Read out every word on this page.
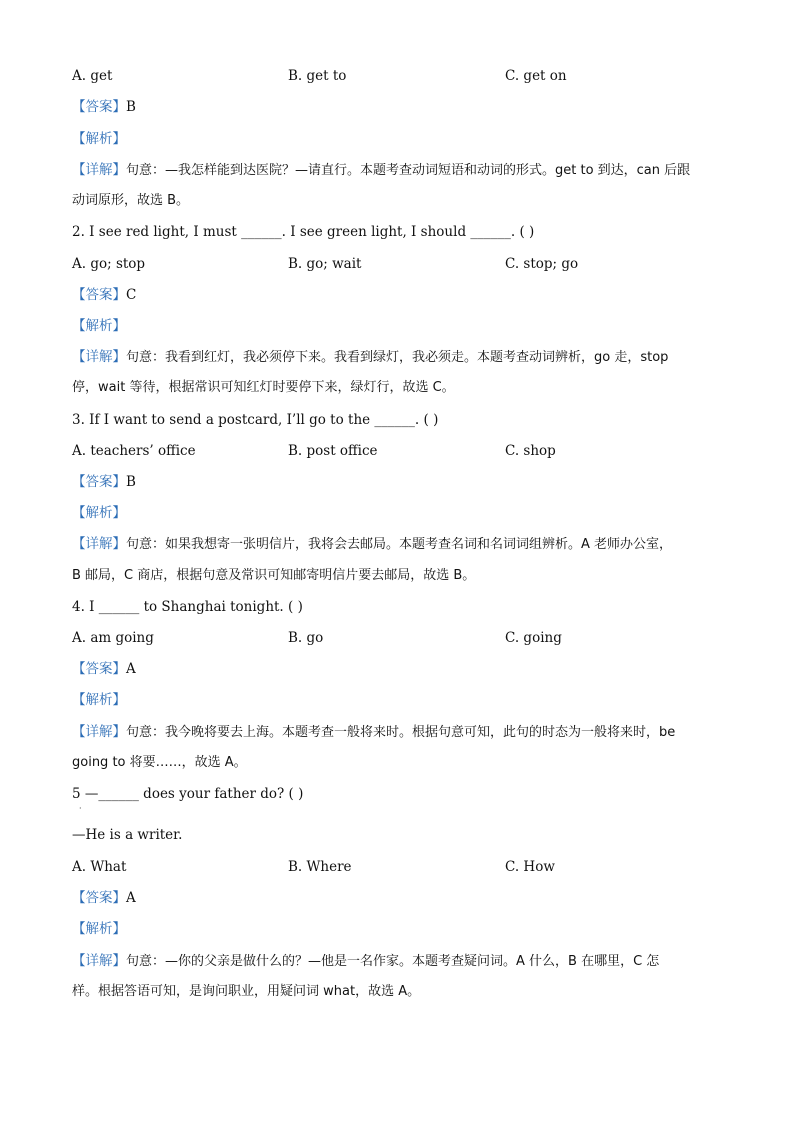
A. get	B. get to	C. get on
【答案】B
【解析】
【详解】句意：—我怎样能到达医院？—请直行。本题考查动词短语和动词的形式。get to 到达，can 后跟
动词原形，故选 B。
2. I see red light, I must ______. I see green light, I should ______. ( )
A. go; stop	B. go; wait	C. stop; go
【答案】C
【解析】
【详解】句意：我看到红灯，我必须停下来。我看到绿灯，我必须走。本题考查动词辨析，go 走，stop
停，wait 等待，根据常识可知红灯时要停下来，绿灯行，故选 C。
3. If I want to send a postcard, I’ll go to the ______. ( )
A. teachers’ office	B. post office	C. shop
【答案】B
【解析】
【详解】句意：如果我想寄一张明信片，我将会去邮局。本题考查名词和名词词组辨析。A 老师办公室，
B 邮局，C 商店，根据句意及常识可知邮寄明信片要去邮局，故选 B。
4. I ______ to Shanghai tonight. ( )
A. am going	B. go	C. going
【答案】A
【解析】
【详解】句意：我今晚将要去上海。本题考查一般将来时。根据句意可知，此句的时态为一般将来时，be
going to 将要……，故选 A。
5 —______ does your father do? ( )
·
—He is a writer.
A. What	B. Where	C. How
【答案】A
【解析】
【详解】句意：—你的父亲是做什么的？—他是一名作家。本题考查疑问词。A 什么，B 在哪里，C 怎
样。根据答语可知，是询问职业，用疑问词 what，故选 A。
